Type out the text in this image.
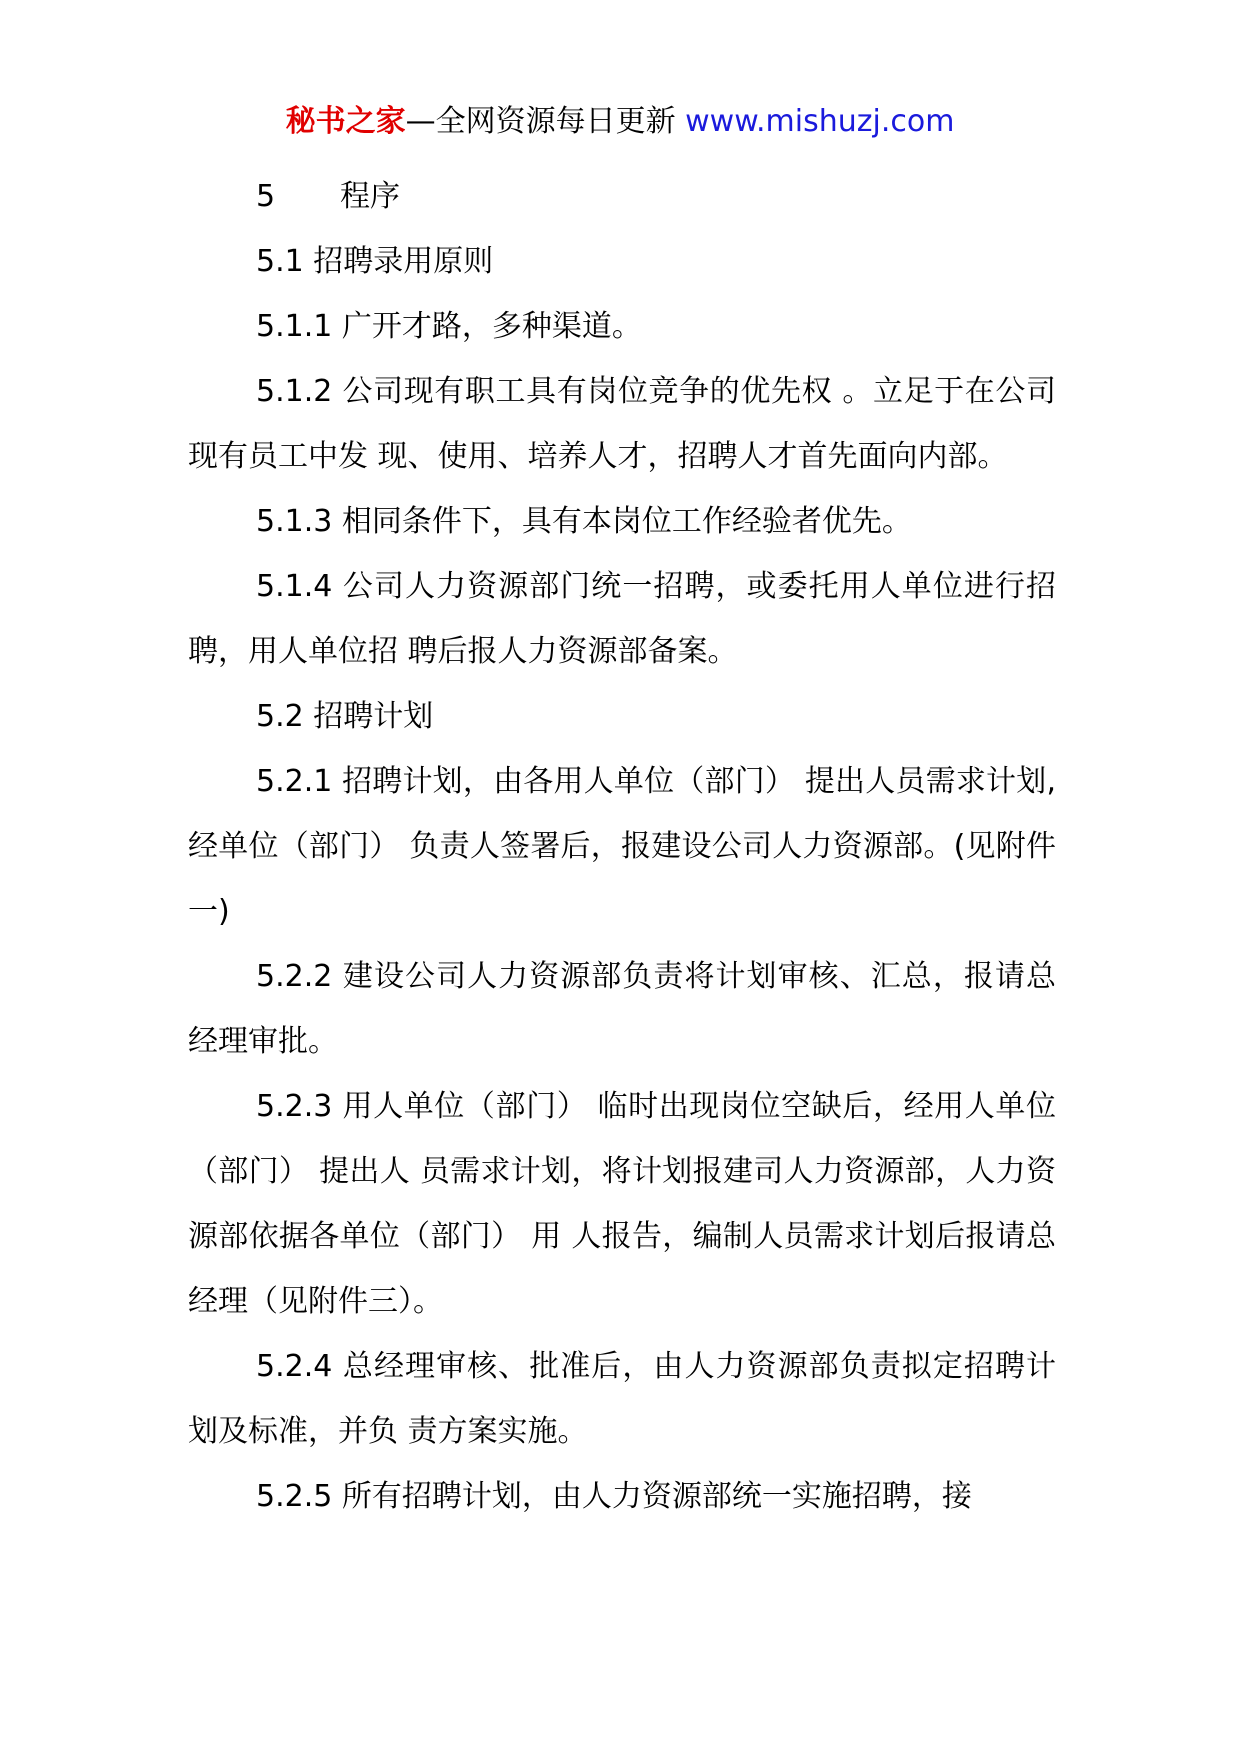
秘书之家—全网资源每日更新 www.mishuzj.com

5 程序

5.1 招聘录用原则

5.1.1 广开才路，多种渠道。

5.1.2 公司现有职工具有岗位竞争的优先权 。立足于在公司现有员工中发 现、使用、培养人才，招聘人才首先面向内部。

5.1.3 相同条件下，具有本岗位工作经验者优先。

5.1.4 公司人力资源部门统一招聘，或委托用人单位进行招聘，用人单位招 聘后报人力资源部备案。

5.2 招聘计划

5.2.1 招聘计划，由各用人单位（部门） 提出人员需求计划,经单位（部门） 负责人签署后，报建设公司人力资源部。(见附件一)

5.2.2 建设公司人力资源部负责将计划审核、汇总，报请总经理审批。

5.2.3 用人单位（部门） 临时出现岗位空缺后，经用人单位（部门） 提出人 员需求计划，将计划报建司人力资源部，人力资源部依据各单位（部门） 用 人报告，编制人员需求计划后报请总经理（见附件三）。

5.2.4 总经理审核、批准后，由人力资源部负责拟定招聘计划及标准，并负 责方案实施。

5.2.5 所有招聘计划，由人力资源部统一实施招聘，接
